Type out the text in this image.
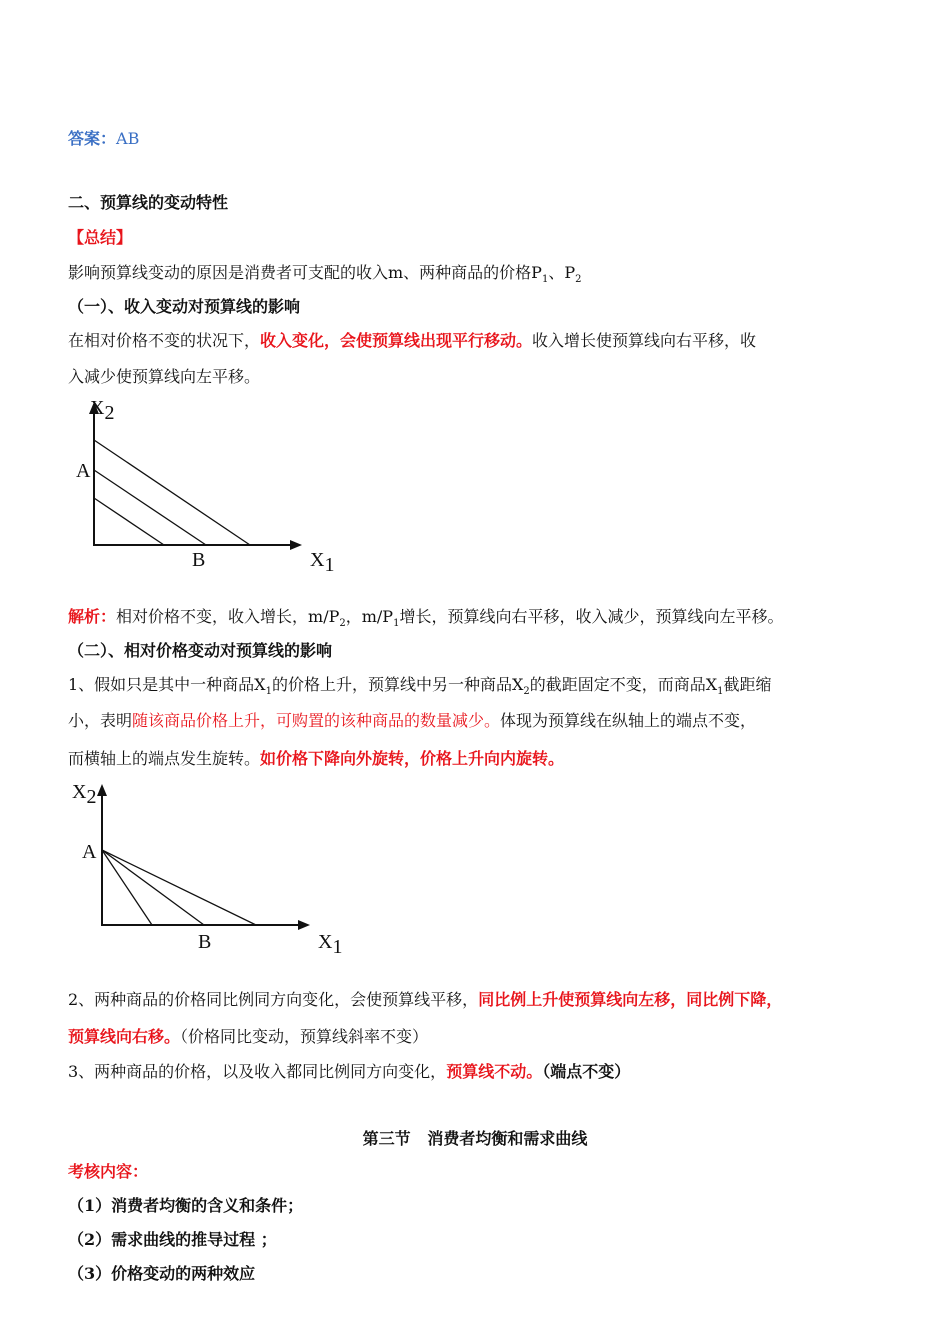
答案：AB
二、预算线的变动特性
【总结】
影响预算线变动的原因是消费者可支配的收入m、两种商品的价格$P_1$、$P_2$
（一）、收入变动对预算线的影响
在相对价格不变的状况下，收入变化，会使预算线出现平行移动。收入增长使预算线向右平移，收
入减少使预算线向左平移。
X2
A
B	X1
解析：相对价格不变，收入增长，$m/P_2$，$m/P_1$增长，预算线向右平移，收入减少，预算线向左平移。
（二）、相对价格变动对预算线的影响
1、假如只是其中一种商品$X_1$的价格上升，预算线中另一种商品$X_2$的截距固定不变，而商品$X_1$截距缩
小，表明随该商品价格上升，可购置的该种商品的数量减少。体现为预算线在纵轴上的端点不变，
而横轴上的端点发生旋转。如价格下降向外旋转，价格上升向内旋转。
X2
A
B	X1
2、两种商品的价格同比例同方向变化，会使预算线平移，同比例上升使预算线向左移，同比例下降，
预算线向右移。（价格同比变动，预算线斜率不变）
3、两种商品的价格，以及收入都同比例同方向变化，预算线不动。（端点不变）
第三节   消费者均衡和需求曲线
考核内容：
（1）消费者均衡的含义和条件；
（2）需求曲线的推导过程 ；
（3）价格变动的两种效应
